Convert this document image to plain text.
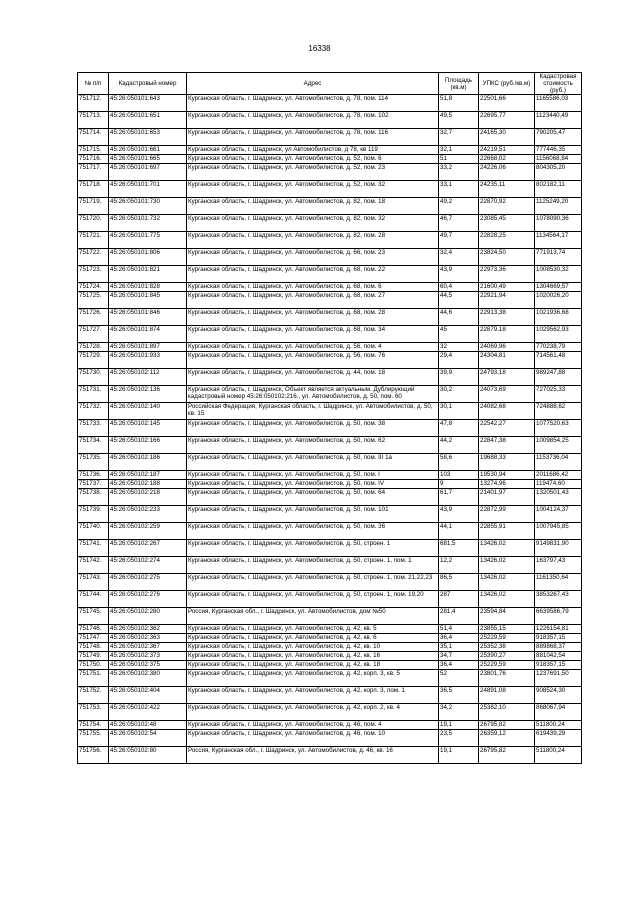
16338
№ п/п	Кадастровый номер	Адрес	Площадь (кв.м)	УПКС (руб./кв.м)	Кадастровая стоимость (руб.)
751712.	45:26:050101:643	Курганская область, г. Шадринск, ул. Автомобилистов, д. 78, пом. 114	51,8	22501,66	1165586,03
751713.	45:26:050101:651	Курганская область, г. Шадринск, ул. Автомобилистов, д. 78, пом. 102	49,5	22695,77	1123440,49
751714.	45:26:050101:653	Курганская область, г. Шадринск, ул. Автомобилистов, д. 78, пом. 116	32,7	24165,30	790205,47
751715.	45:26:050101:661	Курганская область, г. Шадринск, ул Автомобилистов, д 78, кв 119	32,1	24219,51	777446,35
751716.	45:26:050101:665	Курганская область, г. Шадринск, ул. Автомобилистов, д. 52, пом. 6	51	22668,02	1156068,84
751717.	45:26:050101:697	Курганская область, г. Шадринск, ул. Автомобилистов, д. 52, пом. 23	33,2	24226,06	804305,20
751718.	45:26:050101:701	Курганская область, г. Шадринск, ул. Автомобилистов, д. 52, пом. 32	33,1	24235,11	802182,11
751719.	45:26:050101:730	Курганская область, г. Шадринск, ул. Автомобилистов, д. 82, пом. 18	49,2	22870,92	1125249,20
751720.	45:26:050101:732	Курганская область, г. Шадринск, ул. Автомобилистов, д. 82, пом. 32	46,7	23085,45	1078090,36
751721.	45:26:050101:775	Курганская область, г. Шадринск, ул. Автомобилистов, д. 82, пом. 28	49,7	22828,25	1134564,17
751722.	45:26:050101:806	Курганская область, г. Шадринск, ул. Автомобилистов, д. 66, пом. 23	32,4	23824,50	771913,74
751723.	45:26:050101:821	Курганская область, г. Шадринск, ул. Автомобилистов, д. 68, пом. 22	43,9	22973,36	1008530,32
751724.	45:26:050101:828	Курганская область, г. Шадринск, ул. Автомобилистов, д. 68, пом. 6	60,4	21600,49	1304669,57
751725.	45:26:050101:845	Курганская область, г. Шадринск, ул. Автомобилистов, д. 68, пом. 27	44,5	22921,94	1020026,20
751726.	45:26:050101:846	Курганская область, г. Шадринск, ул. Автомобилистов, д. 68, пом. 28	44,6	22913,38	1021936,68
751727.	45:26:050101:874	Курганская область, г. Шадринск, ул. Автомобилистов, д. 68, пом. 34	45	22879,18	1029562,93
751728.	45:26:050101:897	Курганская область, г. Шадринск, ул. Автомобилистов, д. 56, пом. 4	32	24069,96	770238,79
751729.	45:26:050101:933	Курганская область, г. Шадринск, ул. Автомобилистов, д. 56, пом. 76	29,4	24304,81	714561,48
751730.	45:26:050102:112	Курганская область, г. Шадринск, ул. Автомобилистов, д. 44, пом. 18	39,9	24793,18	989247,88
751731.	45:26:050102:136	Курганская область, г. Шадринск, Объект является актуальным. Дублирующий кадастровый номер 45:26:050102:216., ул. Автомобилистов, д. 50, пом. 60	30,2	24073,69	727025,33
751732.	45:26:050102:140	Российская Федерация, Курганская область, г. Шадринск, ул. Автомобилистов, д. 50, кв. 15	30,1	24082,68	724888,62
751733.	45:26:050102:145	Курганская область, г. Шадринск, ул. Автомобилистов, д. 50, пом. 38	47,8	22542,27	1077520,63
751734.	45:26:050102:166	Курганская область, г. Шадринск, ул. Автомобилистов, д. 50, пом. 62	44,2	22847,38	1009854,25
751735.	45:26:050102:186	Курганская область, г. Шадринск, ул. Автомобилистов, д. 50, пом. III 1а	58,6	19688,33	1153736,04
751736.	45:26:050102:187	Курганская область, г. Шадринск, ул. Автомобилистов, д. 50, пом. I	103	19530,94	2011686,42
751737.	45:26:050102:188	Курганская область, г. Шадринск, ул. Автомобилистов, д. 50, пом. IV	9	13274,96	119474,60
751738.	45:26:050102:218	Курганская область, г. Шадринск, ул. Автомобилистов, д. 50, пом. 64	61,7	21401,97	1320501,43
751739.	45:26:050102:233	Курганская область, г. Шадринск, ул. Автомобилистов, д. 50, пом. 101	43,9	22872,99	1004124,37
751740.	45:26:050102:259	Курганская область, г. Шадринск, ул. Автомобилистов, д. 50, пом. 36	44,1	22855,91	1007945,85
751741.	45:26:050102:267	Курганская область, г. Шадринск, ул. Автомобилистов, д. 50, строен. 1	681,5	13426,02	9149831,90
751742.	45:26:050102:274	Курганская область, г. Шадринск, ул. Автомобилистов, д. 50, строен. 1, пом. 1	12,2	13426,02	163797,43
751743.	45:26:050102:275	Курганская область, г. Шадринск, ул. Автомобилистов, д. 50, строен. 1, пом. 21,22,23	86,5	13426,02	1161350,64
751744.	45:26:050102:276	Курганская область, г. Шадринск, ул. Автомобилистов, д. 50, строен. 1, пом. 19,20	287	13426,02	3853267,43
751745.	45:26:050102:280	Россия, Курганская обл., г. Шадринск, ул. Автомобилистов, дом №50	281,4	23594,84	6639586,79
751746.	45:26:050102:362	Курганская область, г. Шадринск, ул. Автомобилистов, д. 42, кв. 5	51,4	23855,15	1226154,81
751747.	45:26:050102:363	Курганская область, г. Шадринск, ул. Автомобилистов, д. 42, кв. 6	36,4	25229,59	918357,15
751748.	45:26:050102:367	Курганская область, г. Шадринск, ул. Автомобилистов, д. 42, кв. 10	35,1	25352,38	889868,37
751749.	45:26:050102:373	Курганская область, г. Шадринск, ул. Автомобилистов, д. 42, кв. 16	34,7	25390,27	881042,54
751750.	45:26:050102:375	Курганская область, г. Шадринск, ул. Автомобилистов, д. 42, кв. 18	36,4	25229,59	918357,15
751751.	45:26:050102:380	Курганская область, г. Шадринск, ул. Автомобилистов, д. 42, корп. 3, кв. 5	52	23801,76	1237691,50
751752.	45:26:050102:404	Курганская область, г. Шадринск, ул. Автомобилистов, д. 42, корп. 3, пом. 1	36,5	24891,08	908524,30
751753.	45:26:050102:422	Курганская область, г. Шадринск, ул. Автомобилистов, д. 42, корп. 2, кв. 4	34,2	25382,10	868067,94
751754.	45:26:050102:48	Курганская область, г. Шадринск, ул. Автомобилистов, д. 46, пом. 4	19,1	26795,82	511800,24
751755.	45:26:050102:54	Курганская область, г. Шадринск, ул. Автомобилистов, д. 46, пом. 10	23,5	26359,12	619439,29
751756.	45:26:050102:80	Россия, Курганская обл., г. Шадринск, ул. Автомобилистов, д. 46, кв. 16	19,1	26795,82	511800,24
